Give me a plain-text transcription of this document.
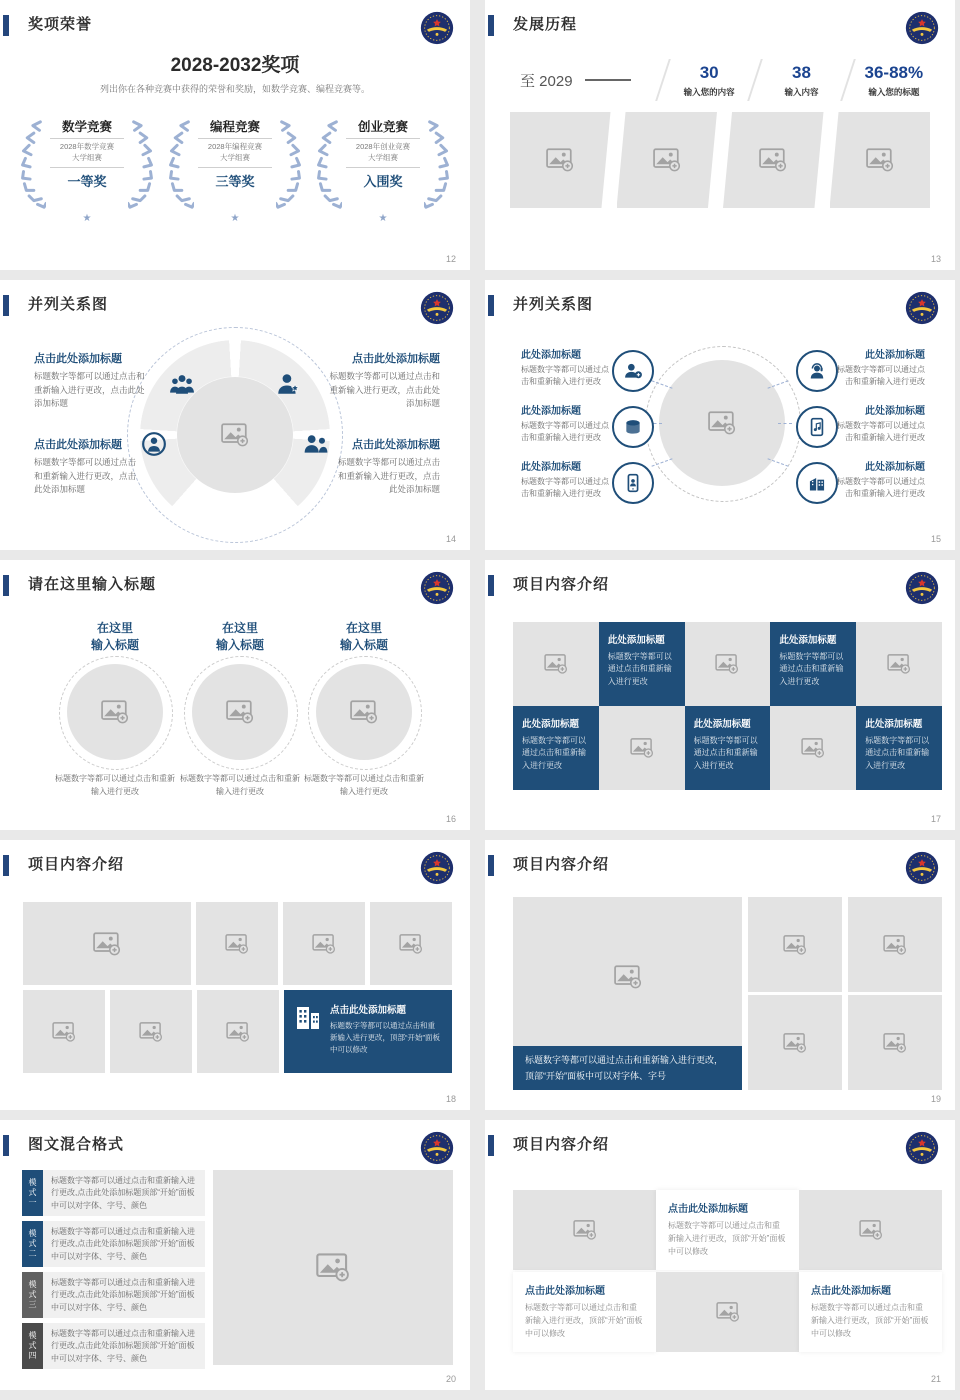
奖项荣誉
2028-2032奖项
列出你在各种竞赛中获得的荣誉和奖励，如数学竞赛、编程竞赛等。
数学竞赛
2028年数学竞赛
大学组赛
一等奖
★
编程竞赛
2028年编程竞赛
大学组赛
三等奖
★
创业竞赛
2028年创业竞赛
大学组赛
入围奖
★
12
发展历程
至 2029	30
输入您的内容
38
输入内容
36-88%
输入您的标题
13
并列关系图
点击此处添加标题
标题数字等都可以通过点击和重新输入进行更改，点击此处添加标题
点击此处添加标题
标题数字等都可以通过点击和重新输入进行更改，点击此处添加标题
点击此处添加标题
标题数字等都可以通过点击和重新输入进行更改，点击此处添加标题
点击此处添加标题
标题数字等都可以通过点击和重新输入进行更改，点击此处添加标题
14
并列关系图
此处添加标题
标题数字等都可以通过点击和重新输入进行更改
此处添加标题
标题数字等都可以通过点击和重新输入进行更改
此处添加标题
标题数字等都可以通过点击和重新输入进行更改
此处添加标题
标题数字等都可以通过点击和重新输入进行更改
此处添加标题
标题数字等都可以通过点击和重新输入进行更改
此处添加标题
标题数字等都可以通过点击和重新输入进行更改
15
请在这里输入标题
在这里
输入标题
在这里
输入标题
在这里
输入标题
标题数字等都可以通过点击和重新输入进行更改
标题数字等都可以通过点击和重新输入进行更改
标题数字等都可以通过点击和重新输入进行更改
16
项目内容介绍
此处添加标题
标题数字等都可以通过点击和重新输入进行更改
此处添加标题
标题数字等都可以通过点击和重新输入进行更改
此处添加标题
标题数字等都可以通过点击和重新输入进行更改
此处添加标题
标题数字等都可以通过点击和重新输入进行更改
此处添加标题
标题数字等都可以通过点击和重新输入进行更改
17
项目内容介绍
点击此处添加标题
标题数字等都可以通过点击和重新输入进行更改，顶部“开始”面板中可以修改
18
项目内容介绍
标题数字等都可以通过点击和重新输入进行更改，顶部“开始”面板中可以对字体、字号
19
图文混合格式
模式一	标题数字等都可以通过点击和重新输入进行更改,点击此处添加标题顶部“开始”面板中可以对字体、字号、颜色
模式二	标题数字等都可以通过点击和重新输入进行更改,点击此处添加标题顶部“开始”面板中可以对字体、字号、颜色
模式三	标题数字等都可以通过点击和重新输入进行更改,点击此处添加标题顶部“开始”面板中可以对字体、字号、颜色
模式四	标题数字等都可以通过点击和重新输入进行更改,点击此处添加标题顶部“开始”面板中可以对字体、字号、颜色
20
项目内容介绍
点击此处添加标题
标题数字等都可以通过点击和重新输入进行更改，顶部“开始”面板中可以修改
点击此处添加标题
标题数字等都可以通过点击和重新输入进行更改，顶部“开始”面板中可以修改
点击此处添加标题
标题数字等都可以通过点击和重新输入进行更改，顶部“开始”面板中可以修改
21
